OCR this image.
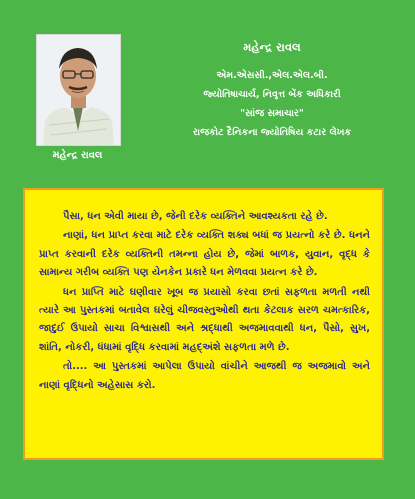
મહેન્દ્ર રાવલ
મહેન્દ્ર રાવલ
એમ.એસસી.,એલ.એલ.બી.
જ્યોતિષાચાર્ય, નિવૃત્ત બેંક અધિકારી
"સાંજ સમાચાર"
રાજકોટ દૈનિકના જ્યોતિષિય કટાર લેખક

પૈસા, ધન એવી માયા છે, જેની દરેક વ્યક્તિને આવશ્યકતા રહે છે.

નાણાં, ધન પ્રાપ્ત કરવા માટે દરેક વ્યક્તિ શક્ય બધાં જ પ્રયત્નો કરે છે. ધનને પ્રાપ્ત કરવાની દરેક વ્યક્તિની તમન્ના હોય છે, જેમાં બાળક, યુવાન, વૃદ્ધ કે સામાન્ય ગરીબ વ્યક્તિ પણ યેનકેન પ્રકારે ધન મેળવવા પ્રયત્ન કરે છે.

ધન પ્રાપ્તિ માટે ઘણીવાર ખૂબ જ પ્રયાસો કરવા છતાં સફળતા મળતી નથી ત્યારે આ પુસ્તકમાં બતાવેલ ઘરેલું ચીજવસ્તુઓથી થતા કેટલાક સરળ ચમત્કારિક, જાદુઈ ઉપાયો સાચા વિશ્વાસથી અને શ્રદ્ધાથી અજમાવવાથી ધન, પૈસો, સુખ, શાંતિ, નોકરી, ધંધામાં વૃદ્ધિ કરવામાં મહદ્અંશે સફળતા મળે છે.

તો.... આ પુસ્તકમાં આપેલા ઉપાયો વાંચીને આજથી જ અજમાવો અને નાણાં વૃદ્ધિનો અહેસાસ કરો.
